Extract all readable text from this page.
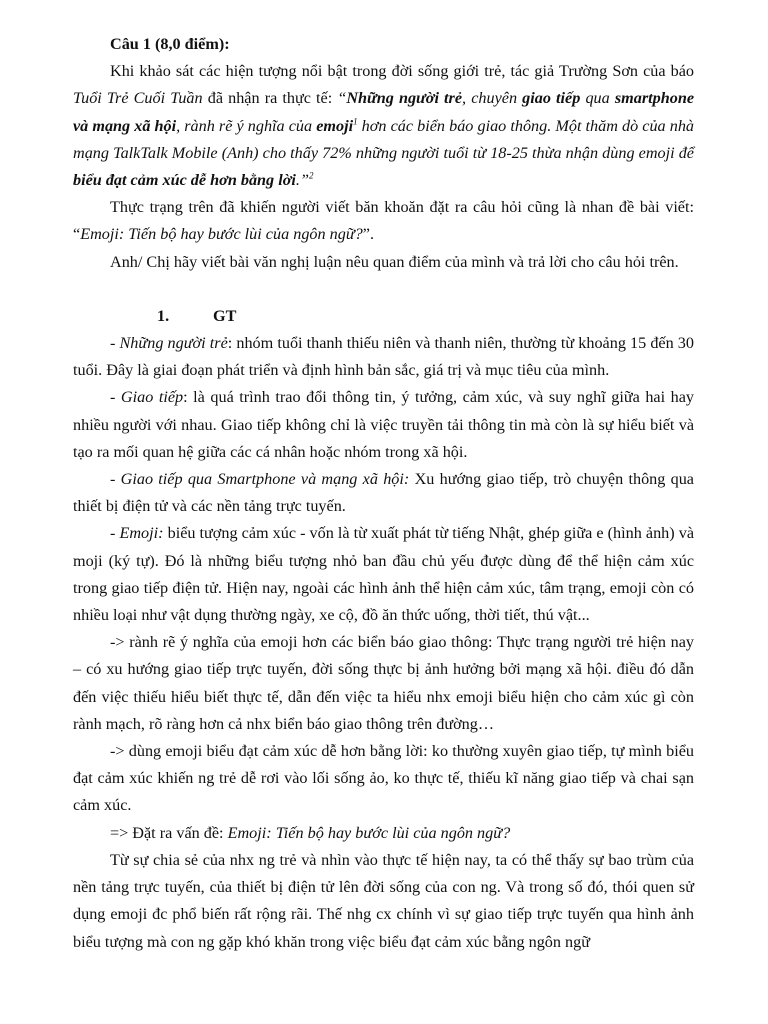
Câu 1 (8,0 điểm):

Khi khảo sát các hiện tượng nổi bật trong đời sống giới trẻ, tác giả Trường Sơn của báo Tuổi Trẻ Cuối Tuần đã nhận ra thực tế: “Những người trẻ, chuyên giao tiếp qua smartphone và mạng xã hội, rành rẽ ý nghĩa của emoji$^1$ hơn các biển báo giao thông. Một thăm dò của nhà mạng TalkTalk Mobile (Anh) cho thấy 72% những người tuổi từ 18-25 thừa nhận dùng emoji để biểu đạt cảm xúc dễ hơn bằng lời.”$^2$

Thực trạng trên đã khiến người viết băn khoăn đặt ra câu hỏi cũng là nhan đề bài viết: “Emoji: Tiến bộ hay bước lùi của ngôn ngữ?”.

Anh/ Chị hãy viết bài văn nghị luận nêu quan điểm của mình và trả lời cho câu hỏi trên.

1.	GT

- Những người trẻ: nhóm tuổi thanh thiếu niên và thanh niên, thường từ khoảng 15 đến 30 tuổi. Đây là giai đoạn phát triển và định hình bản sắc, giá trị và mục tiêu của mình.

- Giao tiếp: là quá trình trao đổi thông tin, ý tưởng, cảm xúc, và suy nghĩ giữa hai hay nhiều người với nhau. Giao tiếp không chỉ là việc truyền tải thông tin mà còn là sự hiểu biết và tạo ra mối quan hệ giữa các cá nhân hoặc nhóm trong xã hội.

- Giao tiếp qua Smartphone và mạng xã hội: Xu hướng giao tiếp, trò chuyện thông qua thiết bị điện tử và các nền tảng trực tuyến.

- Emoji: biểu tượng cảm xúc - vốn là từ xuất phát từ tiếng Nhật, ghép giữa e (hình ảnh) và moji (ký tự). Đó là những biểu tượng nhỏ ban đầu chủ yếu được dùng để thể hiện cảm xúc trong giao tiếp điện tử. Hiện nay, ngoài các hình ảnh thể hiện cảm xúc, tâm trạng, emoji còn có nhiều loại như vật dụng thường ngày, xe cộ, đồ ăn thức uống, thời tiết, thú vật...

-> rành rẽ ý nghĩa của emoji hơn các biển báo giao thông: Thực trạng người trẻ hiện nay – có xu hướng giao tiếp trực tuyến, đời sống thực bị ảnh hưởng bởi mạng xã hội. điều đó dẫn đến việc thiếu hiểu biết thực tế, dẫn đến việc ta hiểu nhx emoji biểu hiện cho cảm xúc gì còn rành mạch, rõ ràng hơn cả nhx biển báo giao thông trên đường…

-> dùng emoji biểu đạt cảm xúc dễ hơn bằng lời: ko thường xuyên giao tiếp, tự mình biểu đạt cảm xúc khiến ng trẻ dễ rơi vào lối sống ảo, ko thực tế, thiếu kĩ năng giao tiếp và chai sạn cảm xúc.

=> Đặt ra vấn đề: Emoji: Tiến bộ hay bước lùi của ngôn ngữ?

Từ sự chia sẻ của nhx ng trẻ và nhìn vào thực tế hiện nay, ta có thể thấy sự bao trùm của nền tảng trực tuyến, của thiết bị điện tử lên đời sống của con ng. Và trong số đó, thói quen sử dụng emoji đc phổ biến rất rộng rãi. Thế nhg cx chính vì sự giao tiếp trực tuyến qua hình ảnh biểu tượng mà con ng gặp khó khăn trong việc biểu đạt cảm xúc bằng ngôn ngữ
